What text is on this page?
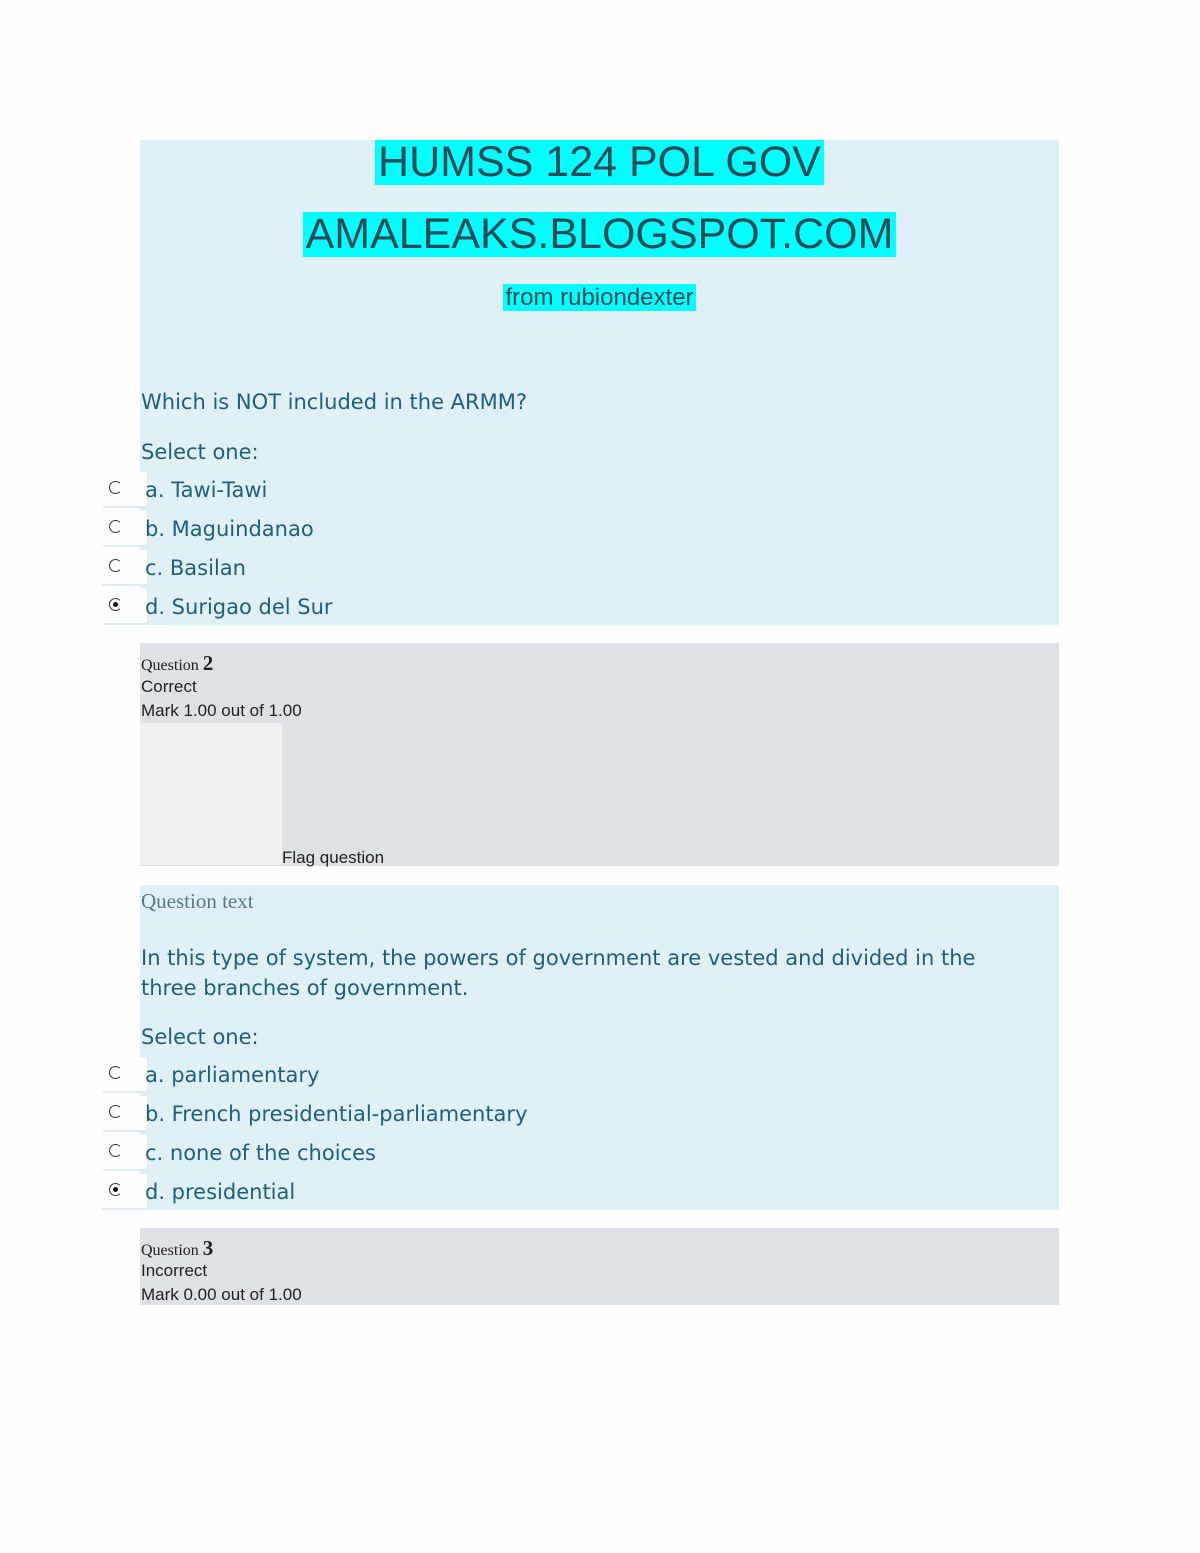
HUMSS 124 POL GOV
AMALEAKS.BLOGSPOT.COM
from rubiondexter
Which is NOT included in the ARMM?
Select one:
a. Tawi-Tawi
b. Maguindanao
c. Basilan
d. Surigao del Sur
Question 2
Correct
Mark 1.00 out of 1.00
Flag question
Question text
In this type of system, the powers of government are vested and divided in the three branches of government.
Select one:
a. parliamentary
b. French presidential-parliamentary
c. none of the choices
d. presidential
Question 3
Incorrect
Mark 0.00 out of 1.00
